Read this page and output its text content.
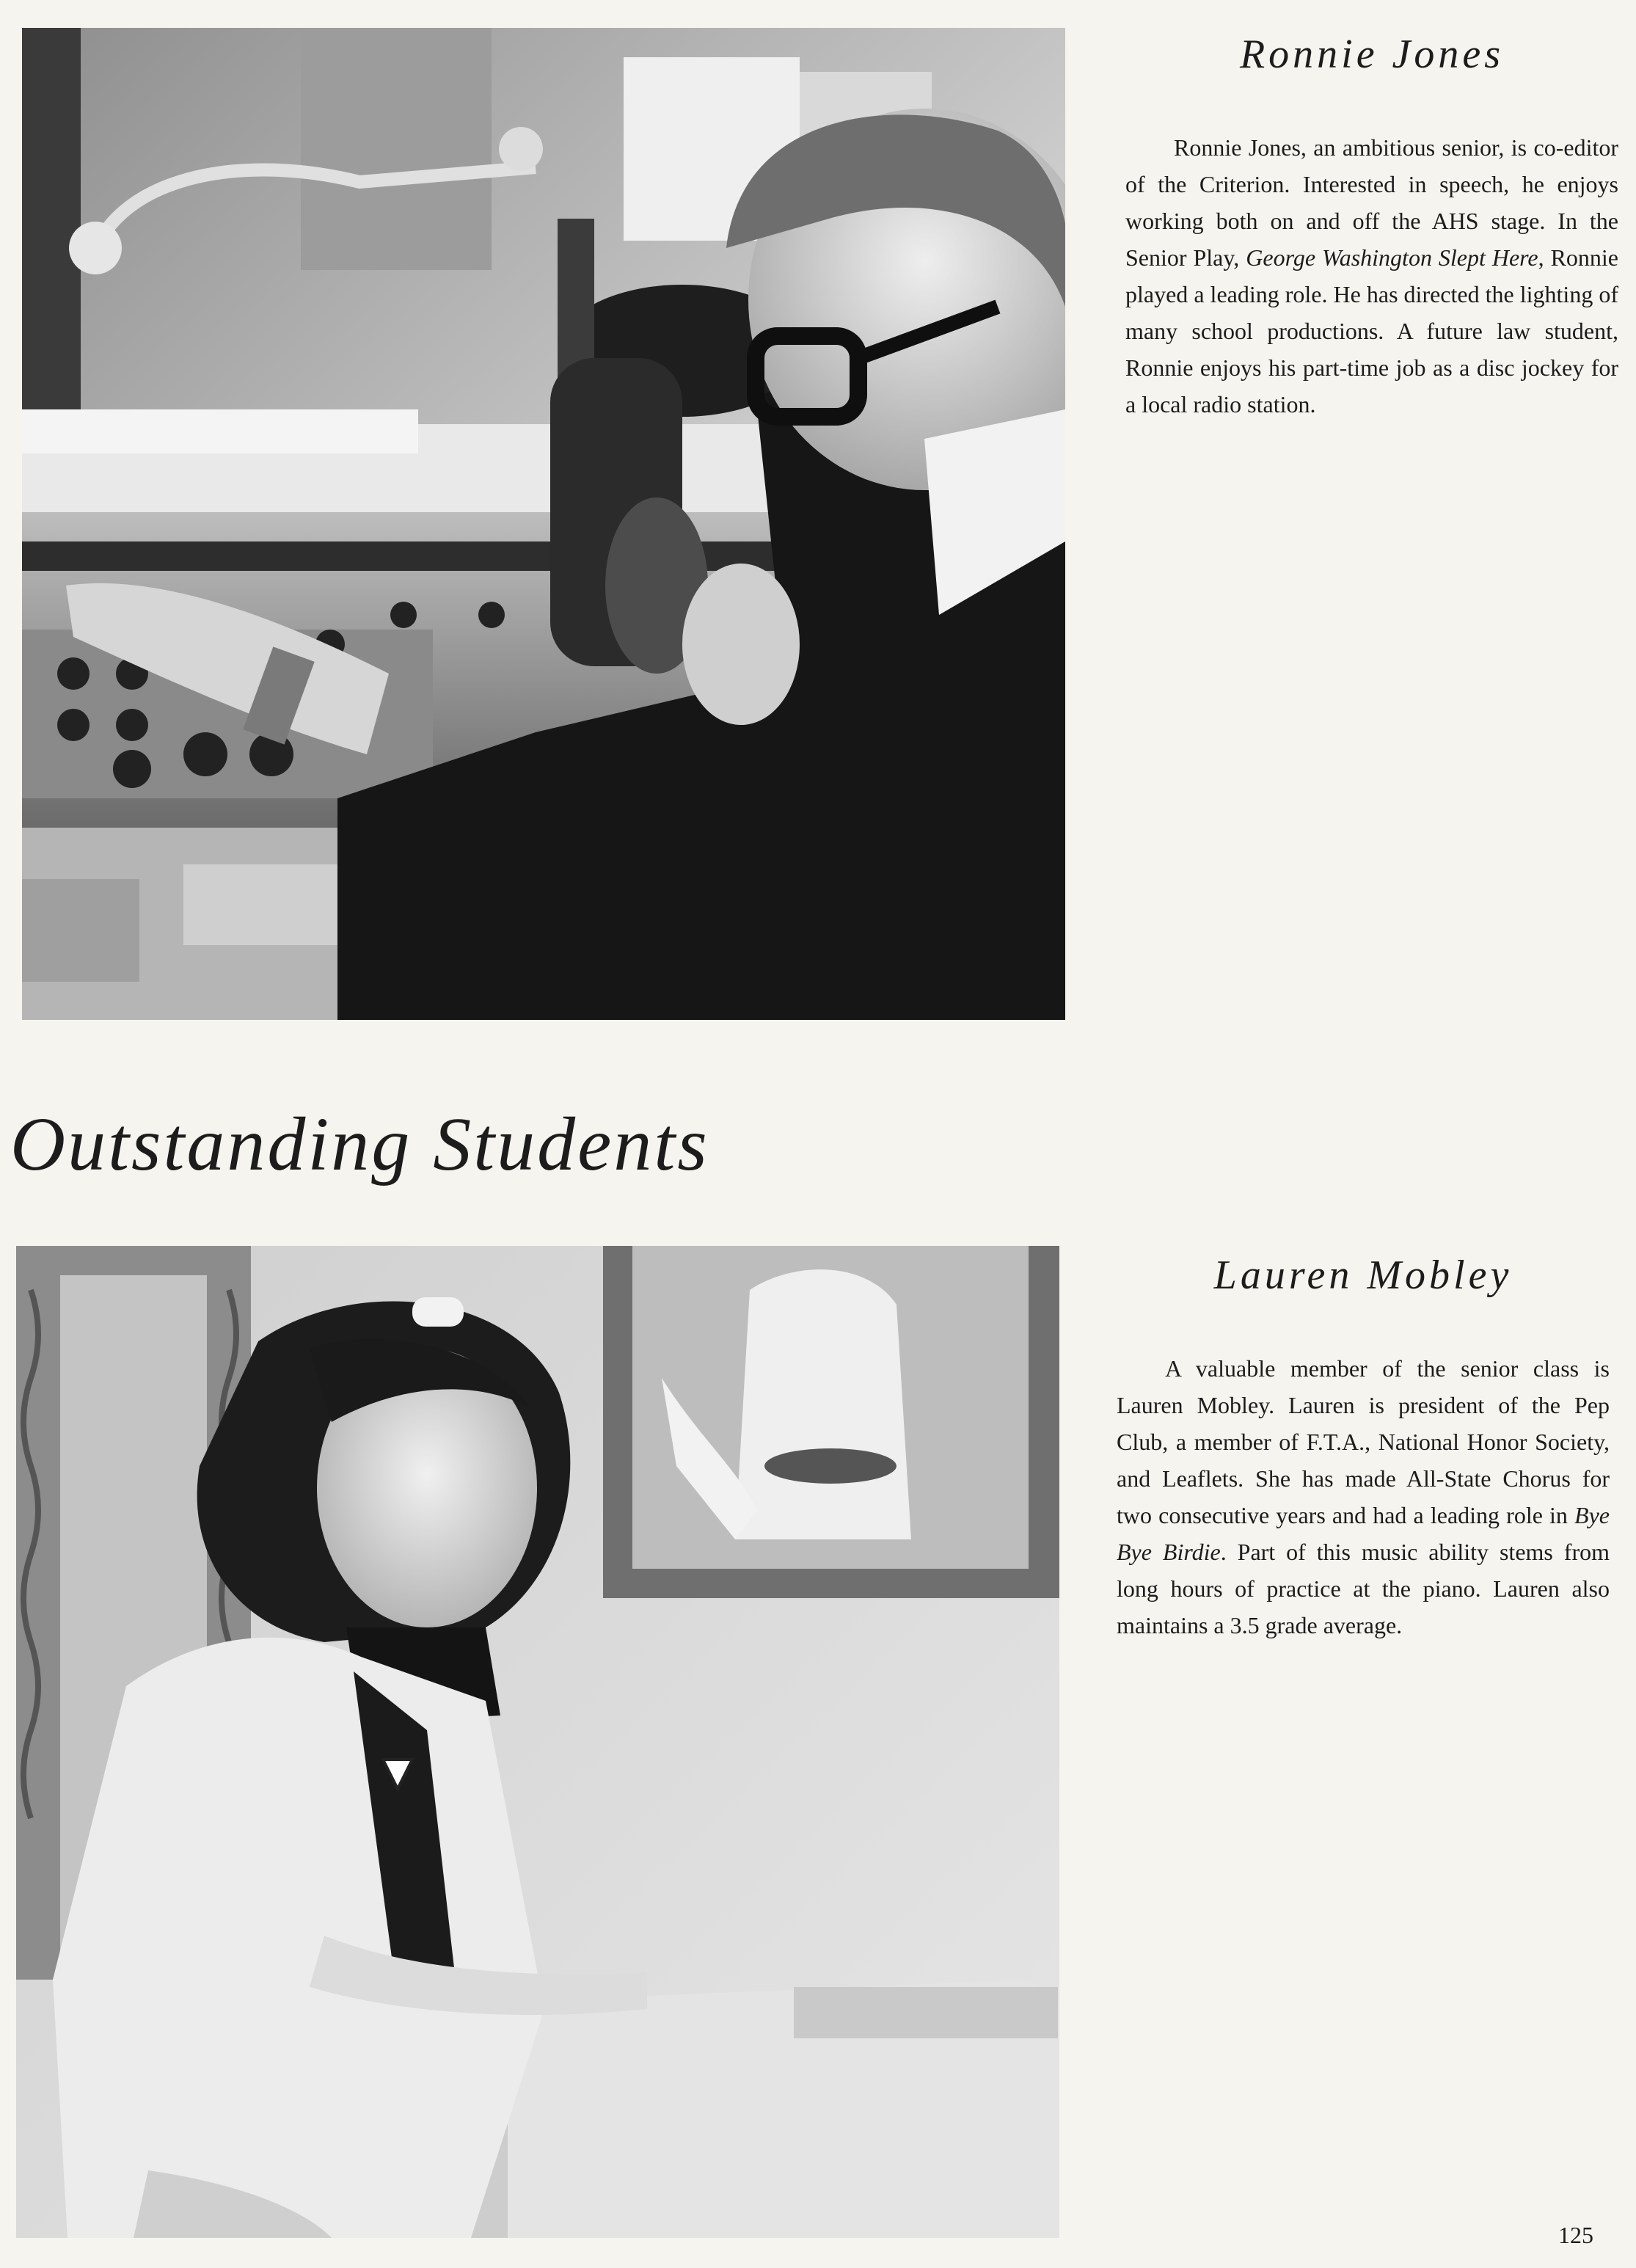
Ronnie Jones

Ronnie Jones, an ambitious senior, is co-editor of the Criterion. Interested in speech, he enjoys working both on and off the AHS stage. In the Senior Play, George Washington Slept Here, Ronnie played a leading role. He has directed the lighting of many school productions. A future law student, Ronnie enjoys his part-time job as a disc jockey for a local radio station.

Outstanding Students
Lauren Mobley

A valuable member of the senior class is Lauren Mobley. Lauren is president of the Pep Club, a member of F.T.A., National Honor Society, and Leaflets. She has made All-State Chorus for two consecutive years and had a leading role in Bye Bye Birdie. Part of this music ability stems from long hours of practice at the piano. Lauren also maintains a 3.5 grade average.

125
